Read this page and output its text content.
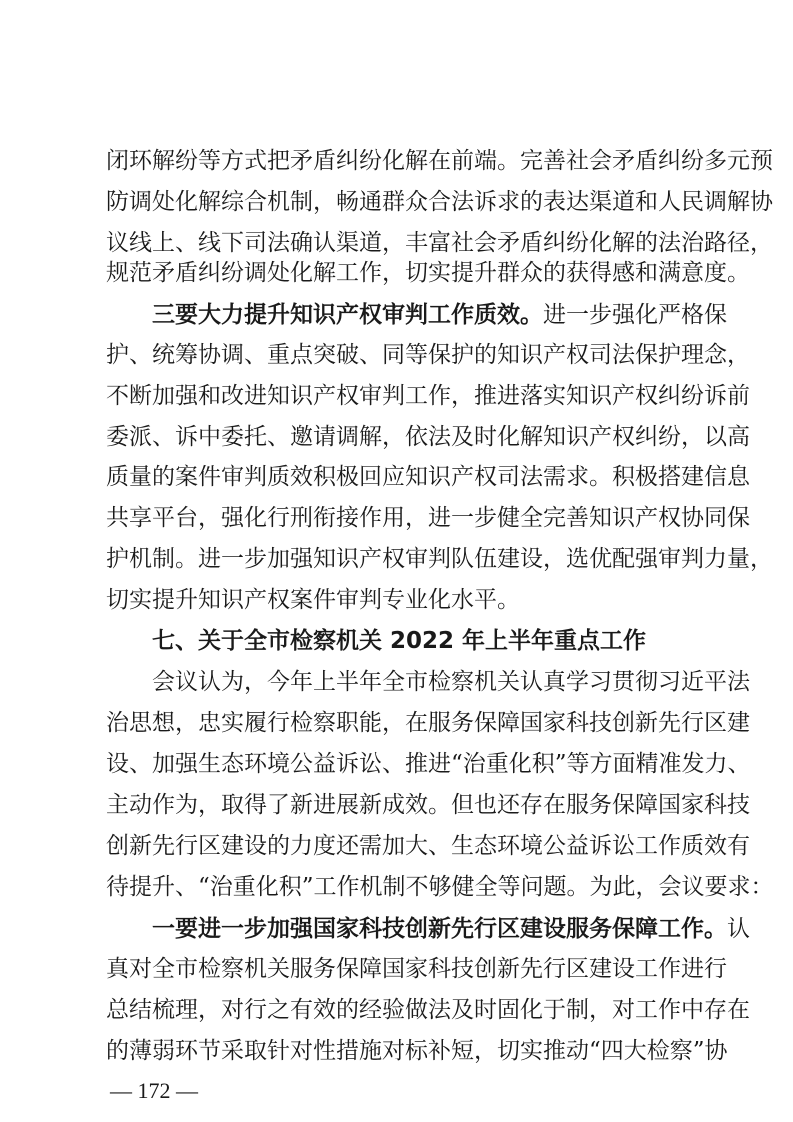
闭环解纷等方式把矛盾纠纷化解在前端。完善社会矛盾纠纷多元预
防调处化解综合机制，畅通群众合法诉求的表达渠道和人民调解协
议线上、线下司法确认渠道，丰富社会矛盾纠纷化解的法治路径，
规范矛盾纠纷调处化解工作，切实提升群众的获得感和满意度。
三要大力提升知识产权审判工作质效。进一步强化严格保
护、统筹协调、重点突破、同等保护的知识产权司法保护理念，
不断加强和改进知识产权审判工作，推进落实知识产权纠纷诉前
委派、诉中委托、邀请调解，依法及时化解知识产权纠纷，以高
质量的案件审判质效积极回应知识产权司法需求。积极搭建信息
共享平台，强化行刑衔接作用，进一步健全完善知识产权协同保
护机制。进一步加强知识产权审判队伍建设，选优配强审判力量，
切实提升知识产权案件审判专业化水平。
七、关于全市检察机关 2022 年上半年重点工作
会议认为，今年上半年全市检察机关认真学习贯彻习近平法
治思想，忠实履行检察职能，在服务保障国家科技创新先行区建
设、加强生态环境公益诉讼、推进“治重化积”等方面精准发力、
主动作为，取得了新进展新成效。但也还存在服务保障国家科技
创新先行区建设的力度还需加大、生态环境公益诉讼工作质效有
待提升、“治重化积”工作机制不够健全等问题。为此，会议要求：
一要进一步加强国家科技创新先行区建设服务保障工作。认
真对全市检察机关服务保障国家科技创新先行区建设工作进行
总结梳理，对行之有效的经验做法及时固化于制，对工作中存在
的薄弱环节采取针对性措施对标补短，切实推动“四大检察”协
— 172 —
